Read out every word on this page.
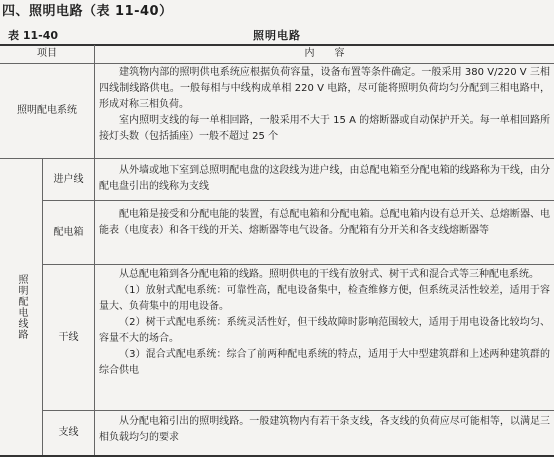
四、照明电路（表 11-40）
表 11-40	照明电路
项目	内　　容
照明配电系统

建筑物内部的照明供电系统应根据负荷容量，设备布置等条件确定。一般采用 380 V/220 V 三相四线制线路供电。一般每相与中线构成单相 220 V 电路，尽可能将照明负荷均匀分配到三相电路中，形成对称三相负荷。

室内照明支线的每一单相回路，一般采用不大于 15 A 的熔断器或自动保护开关。每一单相回路所接灯头数（包括插座）一般不超过 25 个

照明配电线路
进户线

从外墙或地下室到总照明配电盘的这段线为进户线，由总配电箱至分配电箱的线路称为干线，由分配电盘引出的线称为支线

配电箱

配电箱是接受和分配电能的装置，有总配电箱和分配电箱。总配电箱内设有总开关、总熔断器、电能表（电度表）和各干线的开关、熔断器等电气设备。分配箱有分开关和各支线熔断器等

干线

从总配电箱到各分配电箱的线路。照明供电的干线有放射式、树干式和混合式等三种配电系统。

（1）放射式配电系统：可靠性高，配电设备集中，检查维修方便，但系统灵活性较差，适用于容量大、负荷集中的用电设备。

（2）树干式配电系统：系统灵活性好，但干线故障时影响范围较大，适用于用电设备比较均匀、容量不大的场合。

（3）混合式配电系统：综合了前两种配电系统的特点，适用于大中型建筑群和上述两种建筑群的综合供电

支线

从分配电箱引出的照明线路。一般建筑物内有若干条支线，各支线的负荷应尽可能相等，以满足三相负载均匀的要求
